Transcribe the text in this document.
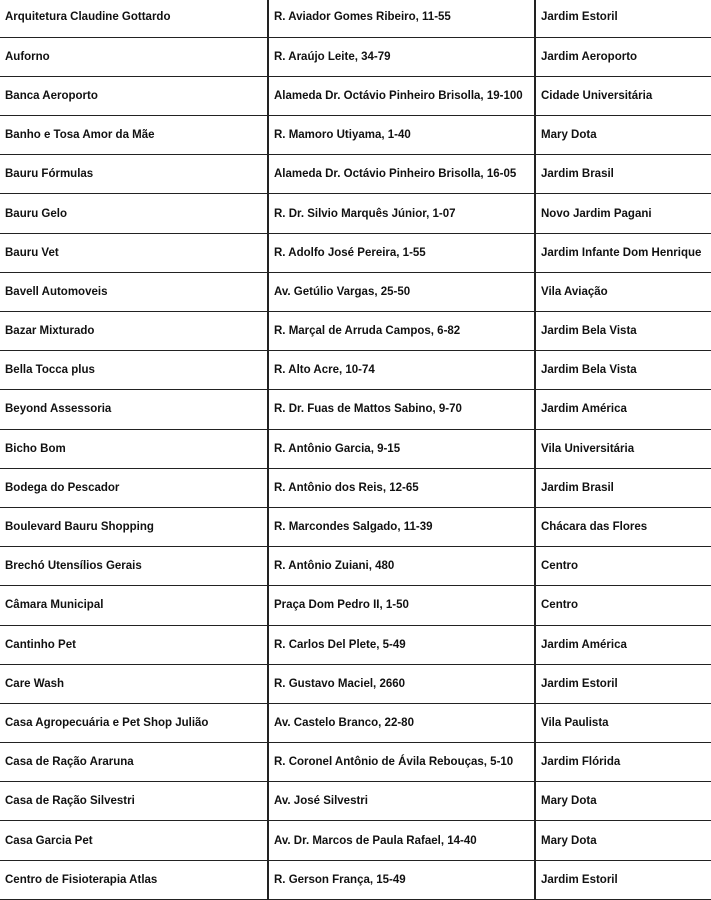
Arquitetura Claudine Gottardo	R. Aviador Gomes Ribeiro, 11-55	Jardim Estoril
Auforno	R. Araújo Leite, 34-79	Jardim Aeroporto
Banca Aeroporto	Alameda Dr. Octávio Pinheiro Brisolla, 19-100	Cidade Universitária
Banho e Tosa Amor da Mãe	R. Mamoro Utiyama, 1-40	Mary Dota
Bauru Fórmulas	Alameda Dr. Octávio Pinheiro Brisolla, 16-05	Jardim Brasil
Bauru Gelo	R. Dr. Silvio Marquês Júnior, 1-07	Novo Jardim Pagani
Bauru Vet	R. Adolfo José Pereira, 1-55	Jardim Infante Dom Henrique
Bavell Automoveis	Av. Getúlio Vargas, 25-50	Vila Aviação
Bazar Mixturado	R. Marçal de Arruda Campos, 6-82	Jardim Bela Vista
Bella Tocca plus	R. Alto Acre, 10-74	Jardim Bela Vista
Beyond Assessoria	R. Dr. Fuas de Mattos Sabino, 9-70	Jardim América
Bicho Bom	R. Antônio Garcia, 9-15	Vila Universitária
Bodega do Pescador	R. Antônio dos Reis, 12-65	Jardim Brasil
Boulevard Bauru Shopping	R. Marcondes Salgado, 11-39	Chácara das Flores
Brechó Utensílios Gerais	R. Antônio Zuiani, 480	Centro
Câmara Municipal	Praça Dom Pedro II, 1-50	Centro
Cantinho Pet	R. Carlos Del Plete, 5-49	Jardim América
Care Wash	R. Gustavo Maciel, 2660	Jardim Estoril
Casa Agropecuária e Pet Shop Julião	Av. Castelo Branco, 22-80	Vila Paulista
Casa de Ração Araruna	R. Coronel Antônio de Ávila Rebouças, 5-10	Jardim Flórida
Casa de Ração Silvestri	Av. José Silvestri	Mary Dota
Casa Garcia Pet	Av. Dr. Marcos de Paula Rafael, 14-40	Mary Dota
Centro de Fisioterapia Atlas	R. Gerson França, 15-49	Jardim Estoril
